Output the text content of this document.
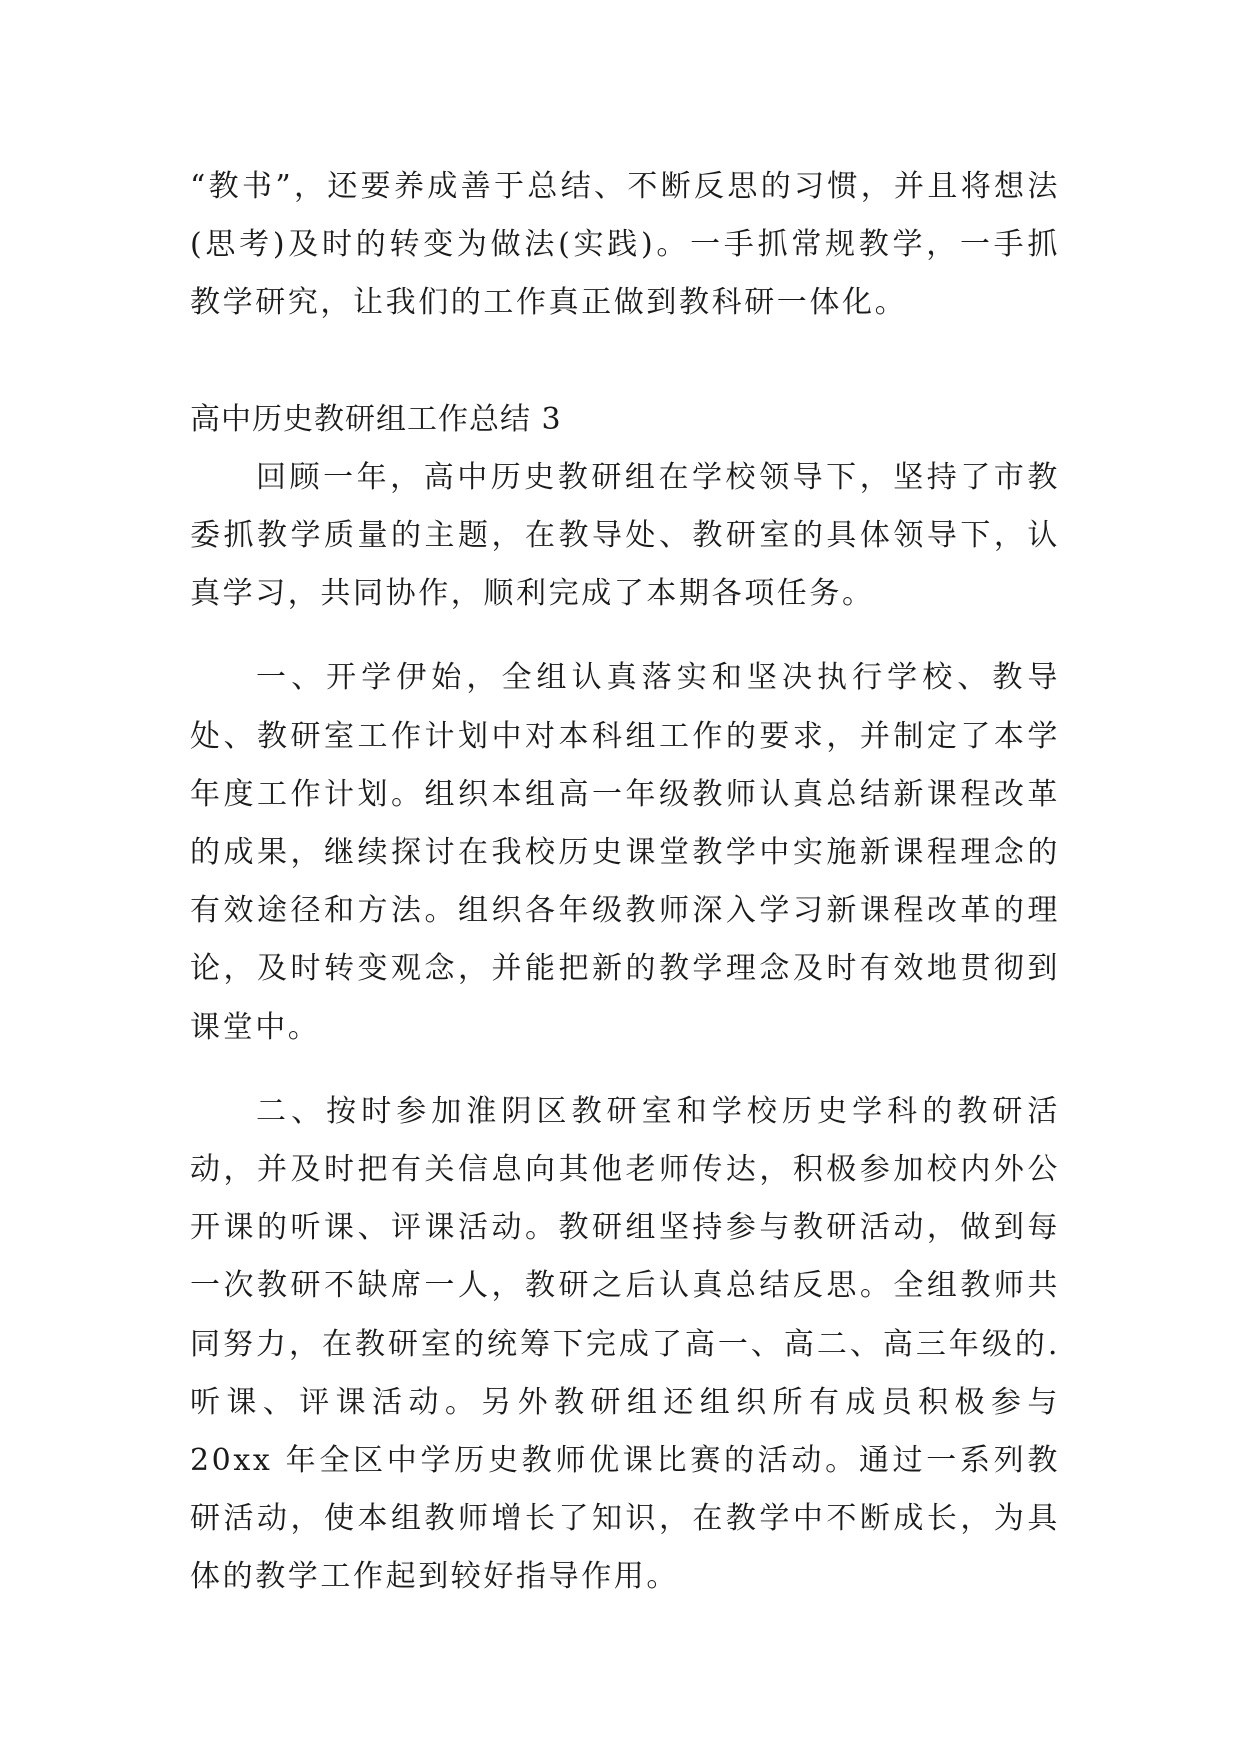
“教书”，还要养成善于总结、不断反思的习惯，并且将想法(思考)及时的转变为做法(实践)。一手抓常规教学，一手抓教学研究，让我们的工作真正做到教科研一体化。

高中历史教研组工作总结 3

回顾一年，高中历史教研组在学校领导下，坚持了市教委抓教学质量的主题，在教导处、教研室的具体领导下，认真学习，共同协作，顺利完成了本期各项任务。

一、开学伊始，全组认真落实和坚决执行学校、教导处、教研室工作计划中对本科组工作的要求，并制定了本学年度工作计划。组织本组高一年级教师认真总结新课程改革的成果，继续探讨在我校历史课堂教学中实施新课程理念的有效途径和方法。组织各年级教师深入学习新课程改革的理论，及时转变观念，并能把新的教学理念及时有效地贯彻到课堂中。

二、按时参加淮阴区教研室和学校历史学科的教研活动，并及时把有关信息向其他老师传达，积极参加校内外公开课的听课、评课活动。教研组坚持参与教研活动，做到每一次教研不缺席一人，教研之后认真总结反思。全组教师共同努力，在教研室的统筹下完成了高一、高二、高三年级的.听课、评课活动。另外教研组还组织所有成员积极参与 20xx 年全区中学历史教师优课比赛的活动。通过一系列教研活动，使本组教师增长了知识，在教学中不断成长，为具体的教学工作起到较好指导作用。
